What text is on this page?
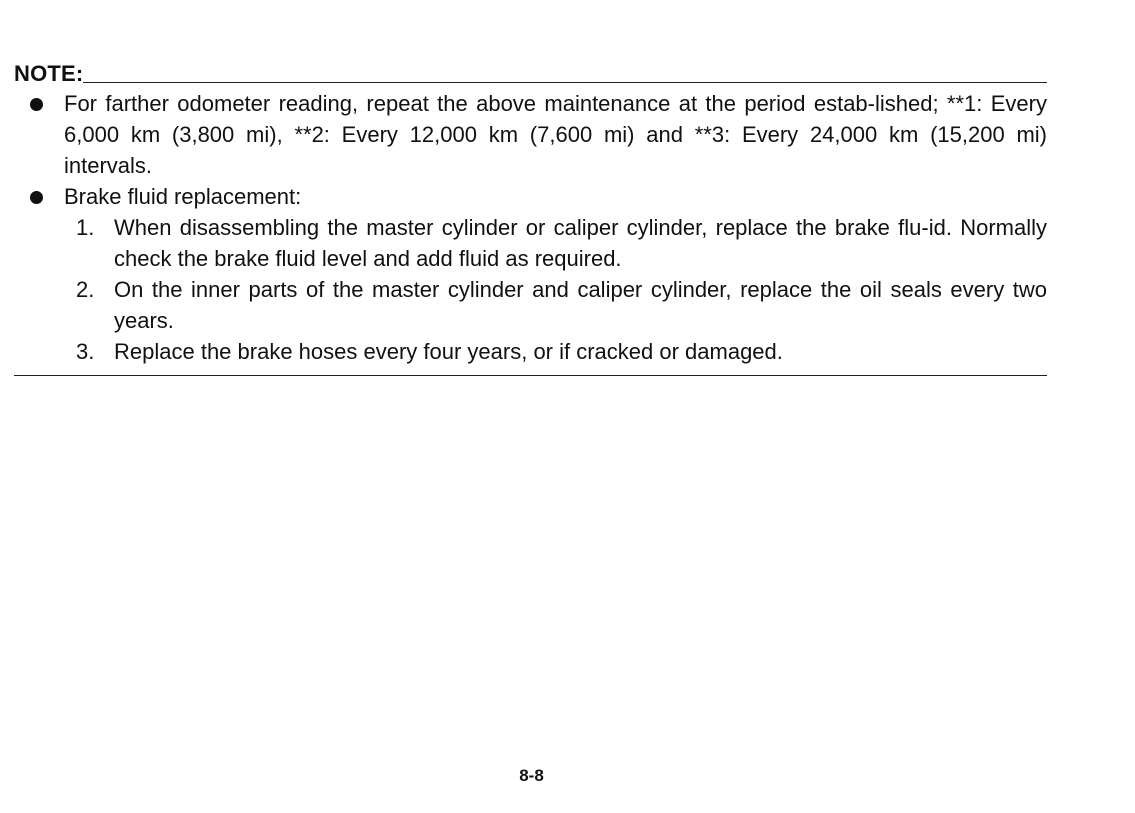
NOTE:
For farther odometer reading, repeat the above maintenance at the period estab-lished; **1: Every 6,000 km (3,800 mi), **2: Every 12,000 km (7,600 mi) and **3: Every 24,000 km (15,200 mi) intervals.
Brake fluid replacement:
1. When disassembling the master cylinder or caliper cylinder, replace the brake flu-id. Normally check the brake fluid level and add fluid as required.
2. On the inner parts of the master cylinder and caliper cylinder, replace the oil seals every two years.
3. Replace the brake hoses every four years, or if cracked or damaged.
8-8
